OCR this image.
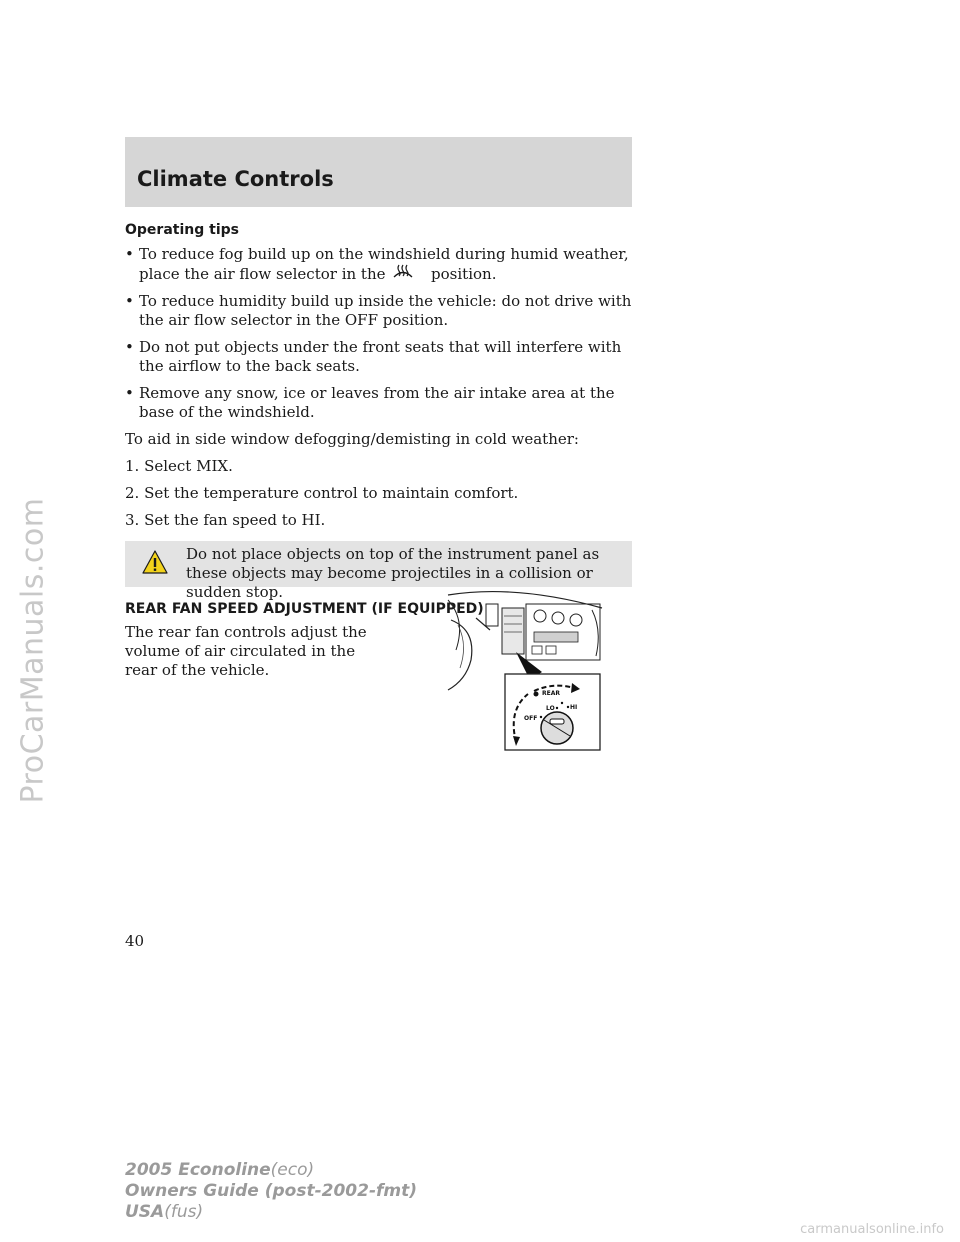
ProCarManuals.com
Climate Controls
Operating tips
• To reduce fog build up on the windshield during humid weather, place the air flow selector in the	position.
• To reduce humidity build up inside the vehicle: do not drive with the air flow selector in the OFF position.
• Do not put objects under the front seats that will interfere with the airflow to the back seats.
• Remove any snow, ice or leaves from the air intake area at the base of the windshield.
To aid in side window defogging/demisting in cold weather:
1. Select MIX.
2. Set the temperature control to maintain comfort.
3. Set the fan speed to HI.
Do not place objects on top of the instrument panel as these objects may become projectiles in a collision or sudden stop.
REAR FAN SPEED ADJUSTMENT (IF EQUIPPED)
The rear fan controls adjust the volume of air circulated in the rear of the vehicle.
REAR
LO	HI
OFF
40
2005 Econoline(eco)
Owners Guide (post-2002-fmt)
USA(fus)
carmanualsonline.info
